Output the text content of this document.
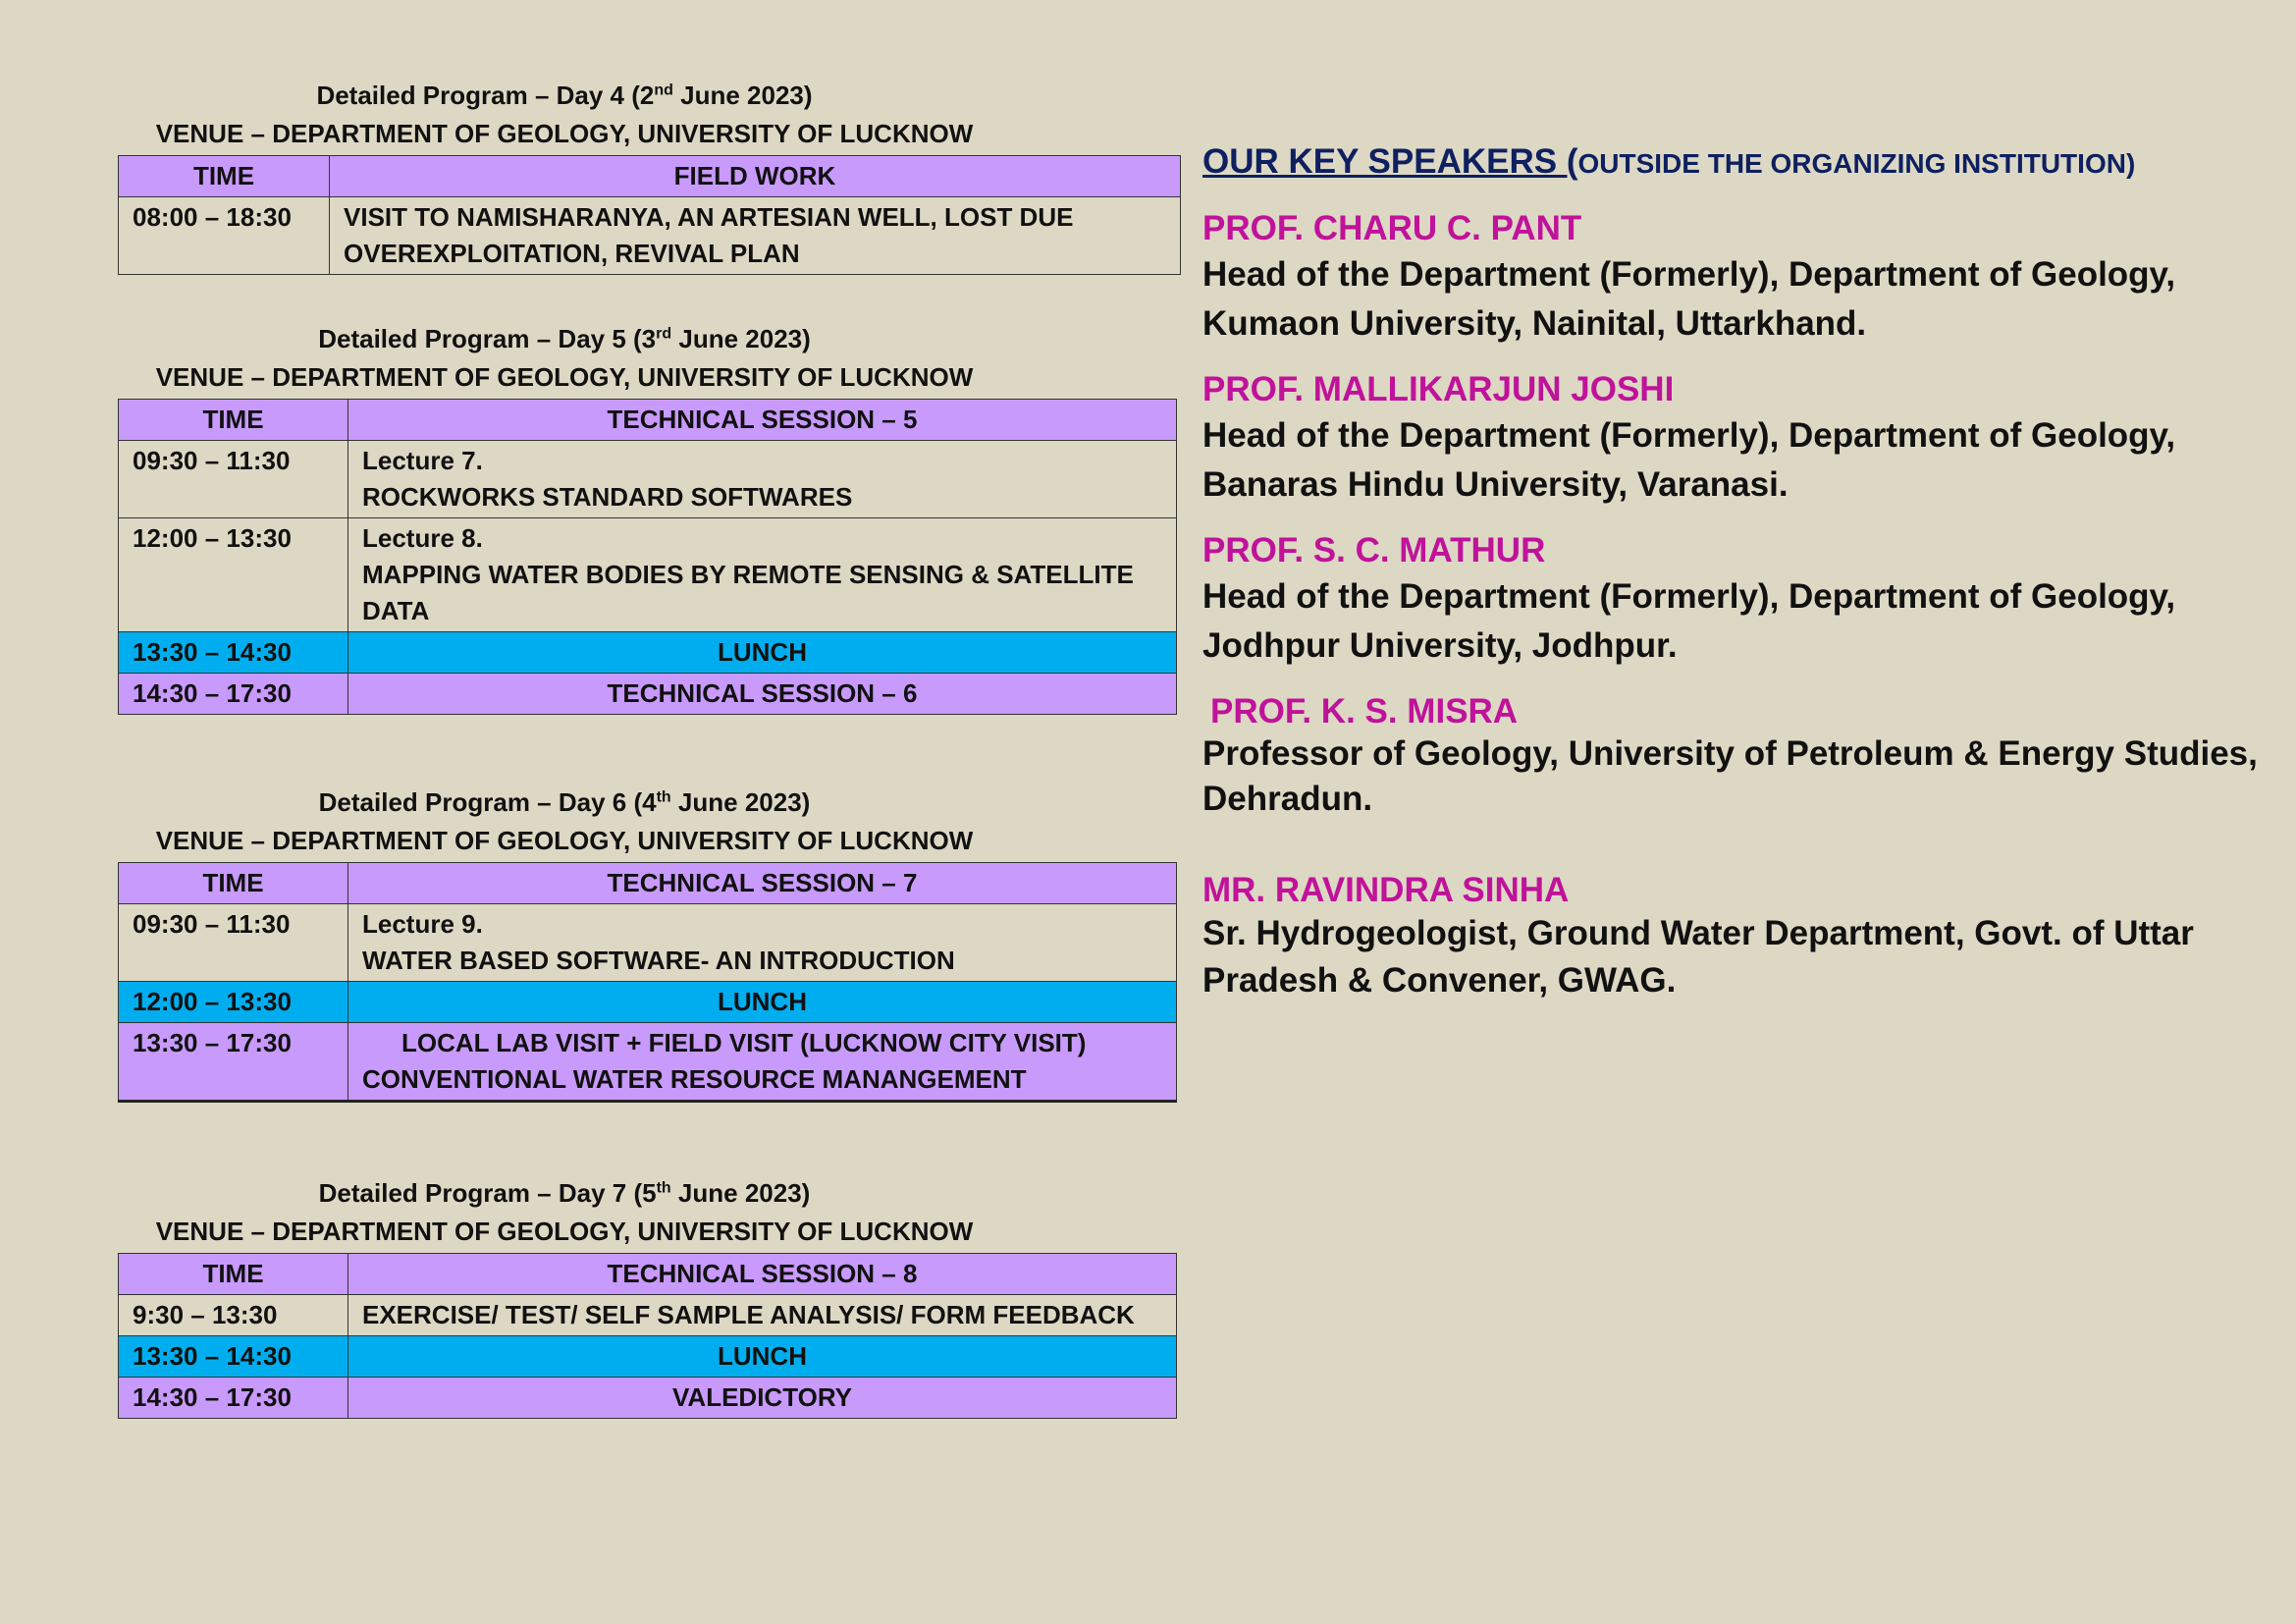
Detailed Program – Day 4 (2nd June 2023)
VENUE – DEPARTMENT OF GEOLOGY, UNIVERSITY OF LUCKNOW
TIME	FIELD WORK
08:00 – 18:30	VISIT TO NAMISHARANYA, AN ARTESIAN WELL, LOST DUE
OVEREXPLOITATION, REVIVAL PLAN
Detailed Program – Day 5 (3rd June 2023)
VENUE – DEPARTMENT OF GEOLOGY, UNIVERSITY OF LUCKNOW
TIME	TECHNICAL SESSION – 5
09:30 – 11:30	Lecture 7.
ROCKWORKS STANDARD SOFTWARES

12:00 – 13:30	Lecture 8.
MAPPING WATER BODIES BY REMOTE SENSING & SATELLITE
DATA

13:30 – 14:30	LUNCH
14:30 – 17:30	TECHNICAL SESSION – 6
Detailed Program – Day 6 (4th June 2023)
VENUE – DEPARTMENT OF GEOLOGY, UNIVERSITY OF LUCKNOW
TIME	TECHNICAL SESSION – 7
09:30 – 11:30	Lecture 9.
WATER BASED SOFTWARE- AN INTRODUCTION

12:00 – 13:30	LUNCH
13:30 – 17:30	LOCAL LAB VISIT + FIELD VISIT (LUCKNOW CITY VISIT)
CONVENTIONAL WATER RESOURCE MANANGEMENT
Detailed Program – Day 7 (5th June 2023)
VENUE – DEPARTMENT OF GEOLOGY, UNIVERSITY OF LUCKNOW
TIME	TECHNICAL SESSION – 8
9:30 – 13:30	EXERCISE/ TEST/ SELF SAMPLE ANALYSIS/ FORM FEEDBACK
13:30 – 14:30	LUNCH
14:30 – 17:30	VALEDICTORY
OUR KEY SPEAKERS (OUTSIDE THE ORGANIZING INSTITUTION)
PROF. CHARU C. PANT
Head of the Department (Formerly), Department of Geology, Kumaon University, Nainital, Uttarkhand.
PROF. MALLIKARJUN JOSHI
Head of the Department (Formerly), Department of Geology, Banaras Hindu University, Varanasi.
PROF. S. C. MATHUR
Head of the Department (Formerly), Department of Geology, Jodhpur University, Jodhpur.
PROF. K. S. MISRA
Professor of Geology, University of Petroleum & Energy Studies, Dehradun.
MR. RAVINDRA SINHA
Sr. Hydrogeologist, Ground Water Department, Govt. of Uttar Pradesh & Convener, GWAG.
